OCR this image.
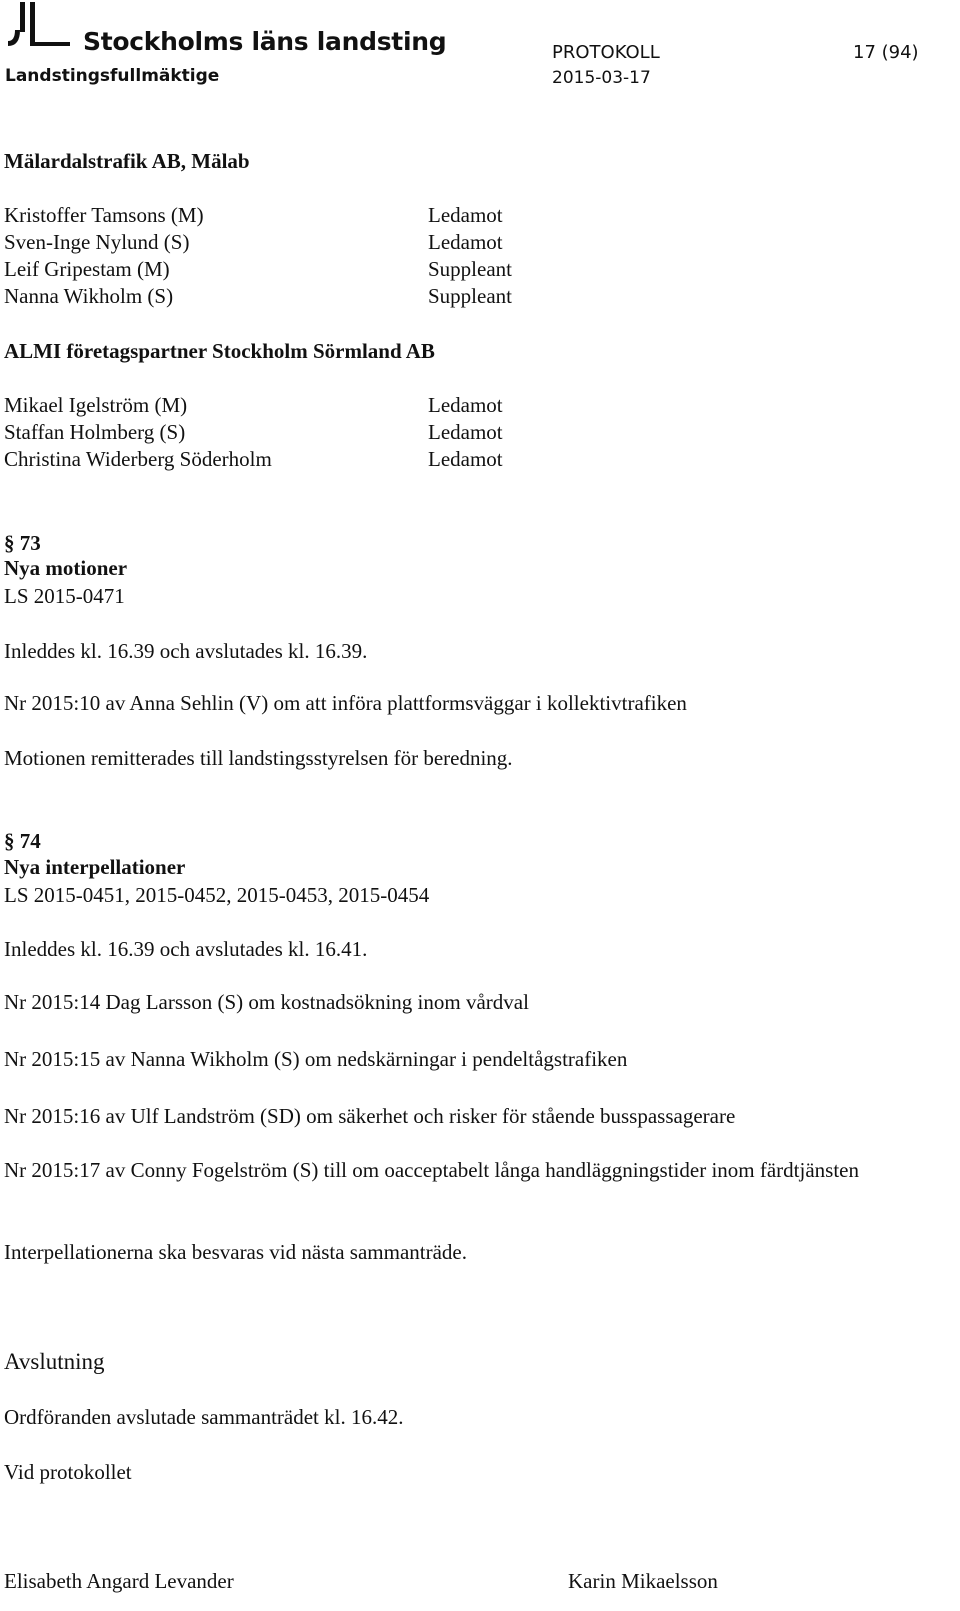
Stockholms läns landsting
Landstingsfullmäktige
PROTOKOLL
2015-03-17
17 (94)
Mälardalstrafik AB, Mälab
Kristoffer Tamsons (M)	Ledamot
Sven-Inge Nylund (S)	Ledamot
Leif Gripestam (M)	Suppleant
Nanna Wikholm (S)	Suppleant
ALMI företagspartner Stockholm Sörmland AB
Mikael Igelström (M)	Ledamot
Staffan Holmberg (S)	Ledamot
Christina Widerberg Söderholm	Ledamot
§ 73
Nya motioner
LS 2015-0471
Inleddes kl. 16.39 och avslutades kl. 16.39.
Nr 2015:10 av Anna Sehlin (V) om att införa plattformsväggar i kollektivtrafiken
Motionen remitterades till landstingsstyrelsen för beredning.
§ 74
Nya interpellationer
LS 2015-0451, 2015-0452, 2015-0453, 2015-0454
Inleddes kl. 16.39 och avslutades kl. 16.41.
Nr 2015:14 Dag Larsson (S) om kostnadsökning inom vårdval
Nr 2015:15 av Nanna Wikholm (S) om nedskärningar i pendeltågstrafiken
Nr 2015:16 av Ulf Landström (SD) om säkerhet och risker för stående busspassagerare
Nr 2015:17 av Conny Fogelström (S) till om oacceptabelt långa handläggningstider inom färdtjänsten
Interpellationerna ska besvaras vid nästa sammanträde.
Avslutning
Ordföranden avslutade sammanträdet kl. 16.42.
Vid protokollet
Elisabeth Angard Levander	Karin Mikaelsson
